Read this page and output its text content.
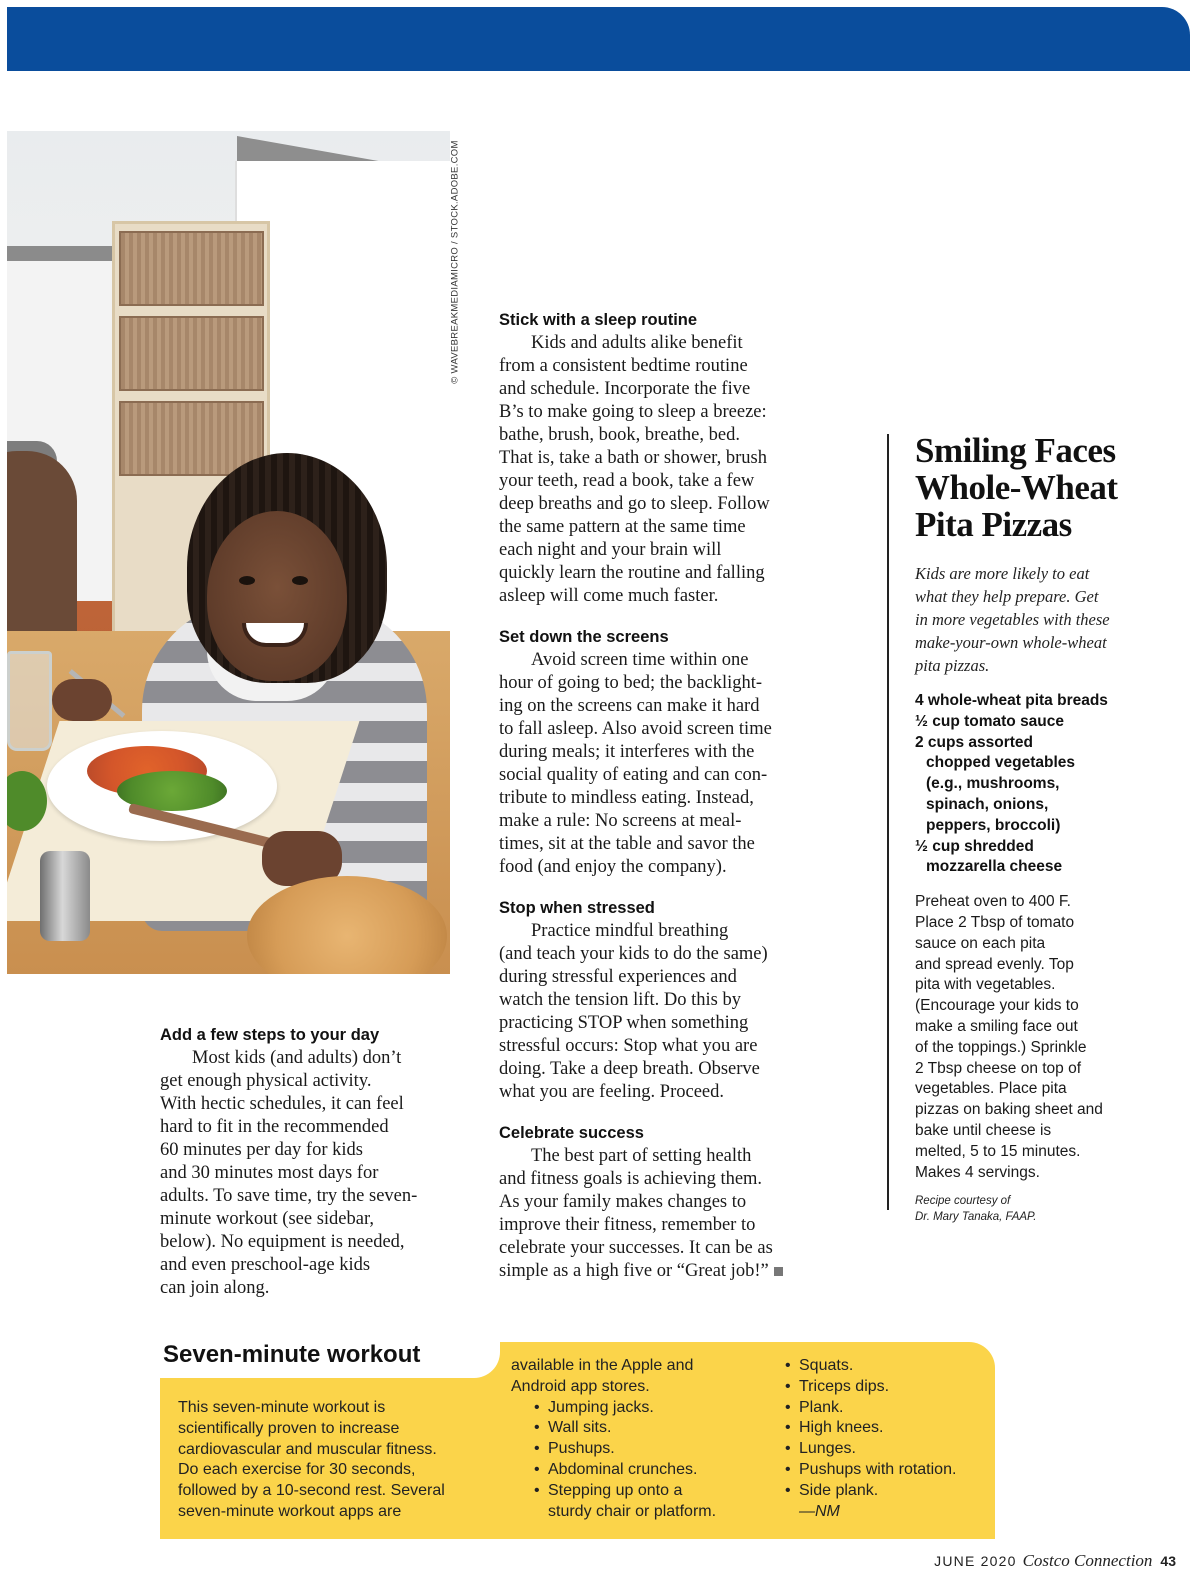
© WAVEBREAKMEDIAMICRO / STOCK.ADOBE.COM
Add a few steps to your day

Most kids (and adults) don’t
get enough physical activity.
With hectic schedules, it can feel
hard to fit in the recommended
60 minutes per day for kids
and 30 minutes most days for
adults. To save time, try the seven-
minute workout (see sidebar,
below). No equipment is needed,
and even preschool-age kids
can join along.

Stick with a sleep routine

Kids and adults alike benefit
from a consistent bedtime routine
and schedule. Incorporate the five
B’s to make going to sleep a breeze:
bathe, brush, book, breathe, bed.
That is, take a bath or shower, brush
your teeth, read a book, take a few
deep breaths and go to sleep. Follow
the same pattern at the same time
each night and your brain will
quickly learn the routine and falling
asleep will come much faster.

Set down the screens

Avoid screen time within one
hour of going to bed; the backlight-
ing on the screens can make it hard
to fall asleep. Also avoid screen time
during meals; it interferes with the
social quality of eating and can con-
tribute to mindless eating. Instead,
make a rule: No screens at meal-
times, sit at the table and savor the
food (and enjoy the company).

Stop when stressed

Practice mindful breathing
(and teach your kids to do the same)
during stressful experiences and
watch the tension lift. Do this by
practicing STOP when something
stressful occurs: Stop what you are
doing. Take a deep breath. Observe
what you are feeling. Proceed.

Celebrate success

The best part of setting health
and fitness goals is achieving them.
As your family makes changes to
improve their fitness, remember to
celebrate your successes. It can be as
simple as a high five or “Great job!”

Smiling Faces
Whole-Wheat
Pita Pizzas
Kids are more likely to eat
what they help prepare. Get
in more vegetables with these
make-your-own whole-wheat
pita pizzas.
4 whole-wheat pita breads
½ cup tomato sauce
2 cups assorted
chopped vegetables
(e.g., mushrooms,
spinach, onions,
peppers, broccoli)
½ cup shredded
mozzarella cheese
Preheat oven to 400 F.
Place 2 Tbsp of tomato
sauce on each pita
and spread evenly. Top
pita with vegetables.
(Encourage your kids to
make a smiling face out
of the toppings.) Sprinkle
2 Tbsp cheese on top of
vegetables. Place pita
pizzas on baking sheet and
bake until cheese is
melted, 5 to 15 minutes.
Makes 4 servings.
Recipe courtesy of
Dr. Mary Tanaka, FAAP.
Seven-minute workout
This seven-minute workout is
scientifically proven to increase
cardiovascular and muscular fitness.
Do each exercise for 30 seconds,
followed by a 10-second rest. Several
seven-minute workout apps are
available in the Apple and
Android app stores.
• Jumping jacks.
• Wall sits.
• Pushups.
• Abdominal crunches.
• Stepping up onto a
sturdy chair or platform.
• Squats.
• Triceps dips.
• Plank.
• High knees.
• Lunges.
• Pushups with rotation.
• Side plank.
—NM
JUNE 2020 Costco Connection 43
